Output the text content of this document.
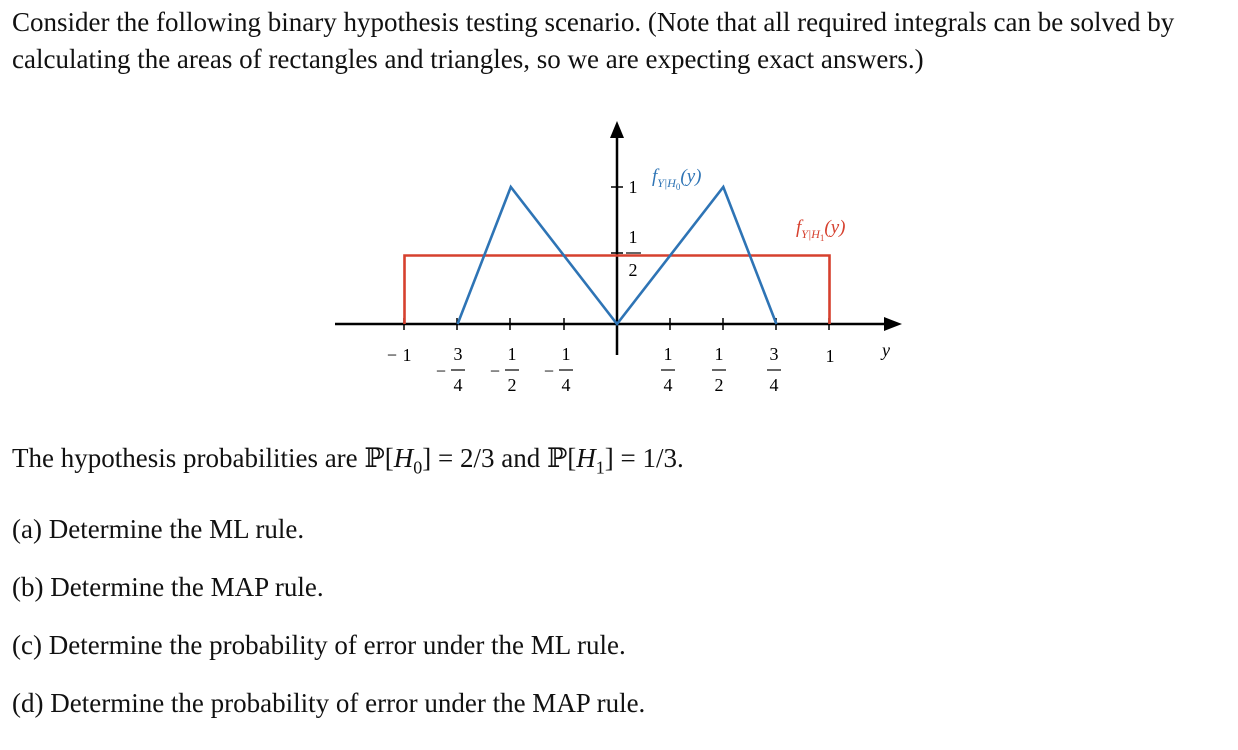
Consider the following binary hypothesis testing scenario. (Note that all required integrals can be solved by calculating the areas of rectangles and triangles, so we are expecting exact answers.)

− 1
−
3
4
−
1
2
−
1
4
1
4
1
2
3
4
1	y
1
1
2
$f_{Y|H}0(y)$
$f_{Y|H}1(y)$

The hypothesis probabilities are $ℙ[H_0] = 2/3$ and $ℙ[H_1] = 1/3$.

(a) Determine the ML rule.

(b) Determine the MAP rule.

(c) Determine the probability of error under the ML rule.

(d) Determine the probability of error under the MAP rule.
